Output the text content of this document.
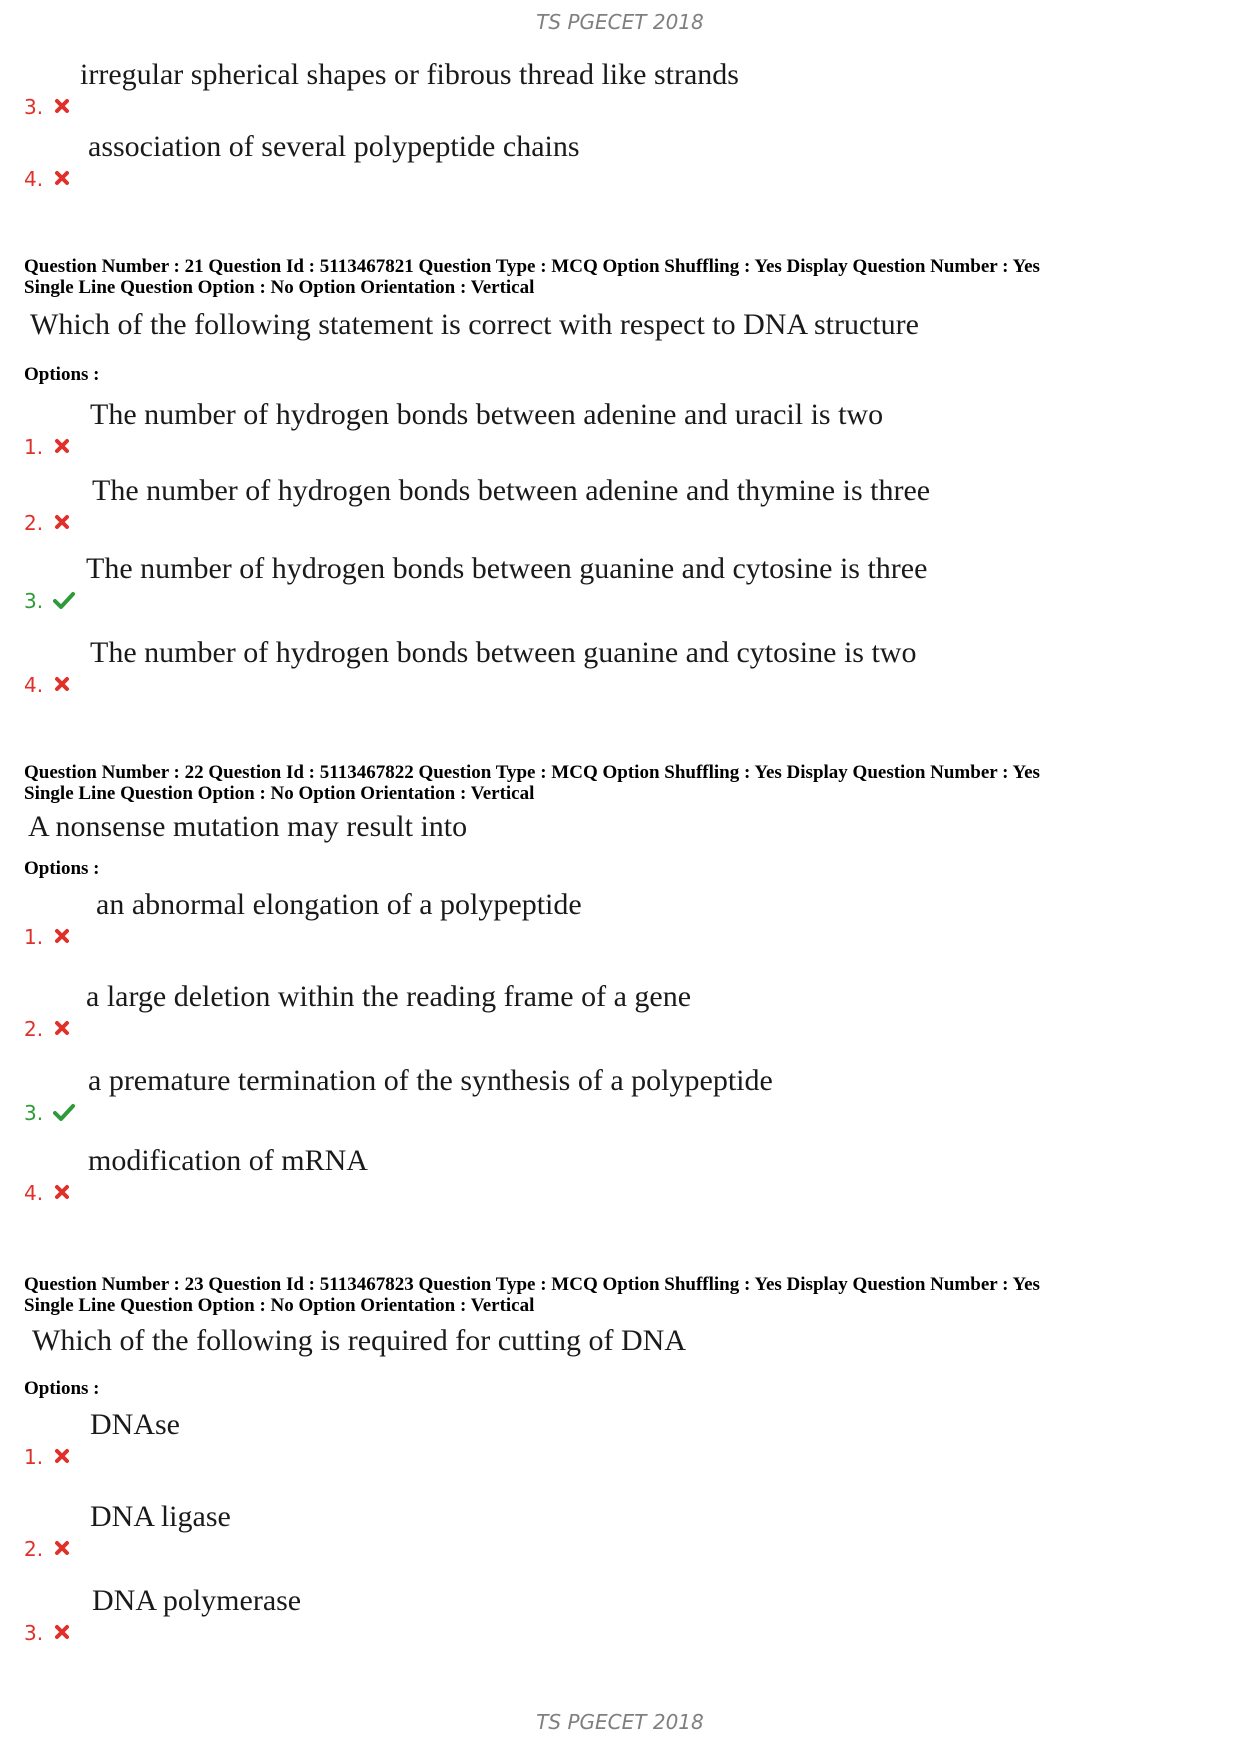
TS PGECET 2018
3.
irregular spherical shapes or fibrous thread like strands
4.
association of several polypeptide chains
Question Number : 21 Question Id : 5113467821 Question Type : MCQ Option Shuffling : Yes Display Question Number : Yes
Single Line Question Option : No Option Orientation : Vertical
Which of the following statement is correct with respect to DNA structure
Options :
1.
The number of hydrogen bonds between adenine and uracil is two
2.
The number of hydrogen bonds between adenine and thymine is three
3.
The number of hydrogen bonds between guanine and cytosine is three
4.
The number of hydrogen bonds between guanine and cytosine is two
Question Number : 22 Question Id : 5113467822 Question Type : MCQ Option Shuffling : Yes Display Question Number : Yes
Single Line Question Option : No Option Orientation : Vertical
A nonsense mutation may result into
Options :
1.
an abnormal elongation of a polypeptide
2.
a large deletion within the reading frame of a gene
3.
a premature termination of the synthesis of a polypeptide
4.
modification of mRNA
Question Number : 23 Question Id : 5113467823 Question Type : MCQ Option Shuffling : Yes Display Question Number : Yes
Single Line Question Option : No Option Orientation : Vertical
Which of the following is required for cutting of DNA
Options :
1.
DNAse
2.
DNA ligase
3.
DNA polymerase
TS PGECET 2018
